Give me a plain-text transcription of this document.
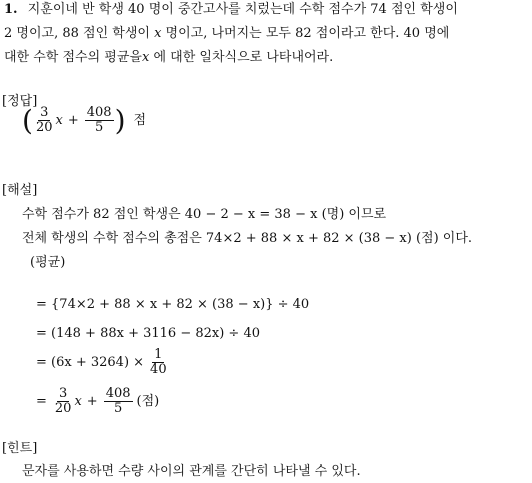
1. 지훈이네 반 학생 40 명이 중간고사를 치렀는데 수학 점수가 74 점인 학생이
2 명이고, 88 점인 학생이 x 명이고, 나머지는 모두 82 점이라고 한다. 40 명에
대한 수학 점수의 평균을x 에 대한 일차식으로 나타내어라.
[정답]
( $\frac{3}{20}$ $x + \frac{408}{5}$ ) 점
[해설]
수학 점수가 82 점인 학생은 40 − 2 − x = 38 − x (명) 이므로
전체 학생의 수학 점수의 총점은 74×2 + 88 × x + 82 × (38 − x) (점) 이다.
(평균)
= {74×2 + 88 × x + 82 × (38 − x)} ÷ 40
= (148 + 88x + 3116 − 82x) ÷ 40
= $(6x + 3264) \times \frac{1}{40}$
= $\frac{3}{20}$ $x + \frac{408}{5}$ (점)
[힌트]
문자를 사용하면 수량 사이의 관계를 간단히 나타낼 수 있다.
